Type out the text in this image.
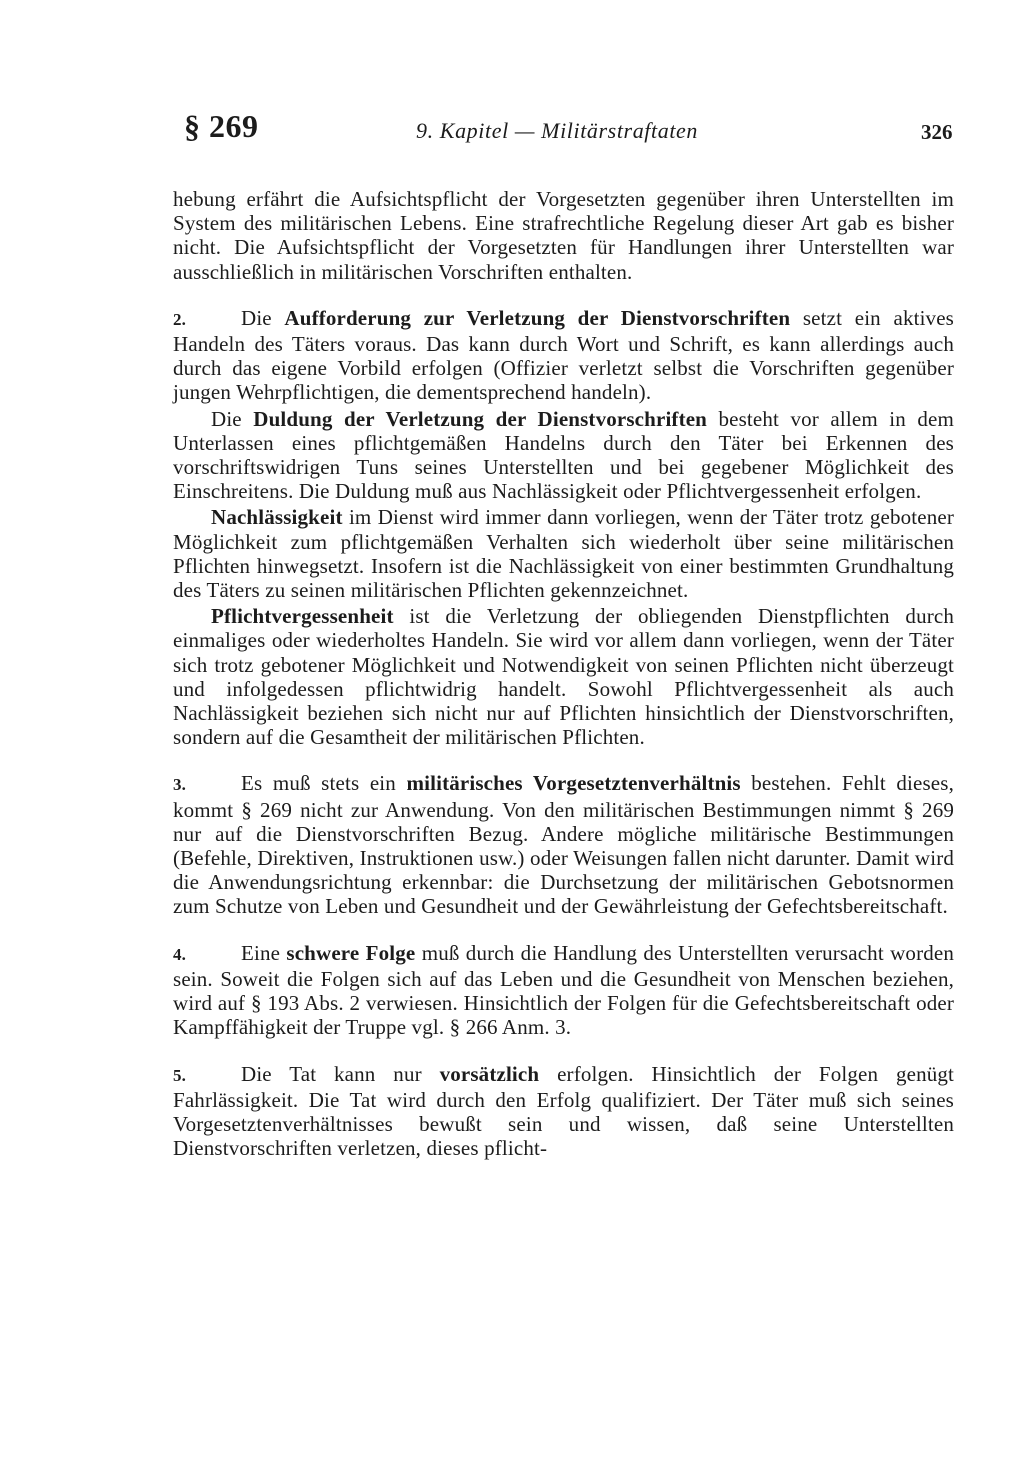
§ 269	9. Kapitel — Militärstraftaten	326

hebung erfährt die Aufsichtspflicht der Vorgesetzten gegenüber ihren Unterstellten im System des militärischen Lebens. Eine strafrechtliche Regelung dieser Art gab es bisher nicht. Die Aufsichtspflicht der Vorgesetzten für Handlungen ihrer Unterstellten war ausschließlich in militärischen Vorschriften enthalten.

2.	Die Aufforderung zur Verletzung der Dienstvorschriften setzt ein aktives Handeln des Täters voraus. Das kann durch Wort und Schrift, es kann allerdings auch durch das eigene Vorbild erfolgen (Offizier verletzt selbst die Vorschriften gegenüber jungen Wehrpflichtigen, die dementsprechend handeln).

Die Duldung der Verletzung der Dienstvorschriften besteht vor allem in dem Unterlassen eines pflichtgemäßen Handelns durch den Täter bei Erkennen des vorschriftswidrigen Tuns seines Unterstellten und bei gegebener Möglichkeit des Einschreitens. Die Duldung muß aus Nachlässigkeit oder Pflichtvergessenheit erfolgen.

Nachlässigkeit im Dienst wird immer dann vorliegen, wenn der Täter trotz gebotener Möglichkeit zum pflichtgemäßen Verhalten sich wiederholt über seine militärischen Pflichten hinwegsetzt. Insofern ist die Nachlässigkeit von einer bestimmten Grundhaltung des Täters zu seinen militärischen Pflichten gekennzeichnet.

Pflichtvergessenheit ist die Verletzung der obliegenden Dienstpflichten durch einmaliges oder wiederholtes Handeln. Sie wird vor allem dann vorliegen, wenn der Täter sich trotz gebotener Möglichkeit und Notwendigkeit von seinen Pflichten nicht überzeugt und infolgedessen pflichtwidrig handelt. Sowohl Pflichtvergessenheit als auch Nachlässigkeit beziehen sich nicht nur auf Pflichten hinsichtlich der Dienstvorschriften, sondern auf die Gesamtheit der militärischen Pflichten.

3.	Es muß stets ein militärisches Vorgesetztenverhältnis bestehen. Fehlt dieses, kommt § 269 nicht zur Anwendung. Von den militärischen Bestimmungen nimmt § 269 nur auf die Dienstvorschriften Bezug. Andere mögliche militärische Bestimmungen (Befehle, Direktiven, Instruktionen usw.) oder Weisungen fallen nicht darunter. Damit wird die Anwendungsrichtung erkennbar: die Durchsetzung der militärischen Gebotsnormen zum Schutze von Leben und Gesundheit und der Gewährleistung der Gefechtsbereitschaft.

4.	Eine schwere Folge muß durch die Handlung des Unterstellten verursacht worden sein. Soweit die Folgen sich auf das Leben und die Gesundheit von Menschen beziehen, wird auf § 193 Abs. 2 verwiesen. Hinsichtlich der Folgen für die Gefechtsbereitschaft oder Kampffähigkeit der Truppe vgl. § 266 Anm. 3.

5.	Die Tat kann nur vorsätzlich erfolgen. Hinsichtlich der Folgen genügt Fahrlässigkeit. Die Tat wird durch den Erfolg qualifiziert. Der Täter muß sich seines Vorgesetztenverhältnisses bewußt sein und wissen, daß seine Unterstellten Dienstvorschriften verletzen, dieses pflicht-
